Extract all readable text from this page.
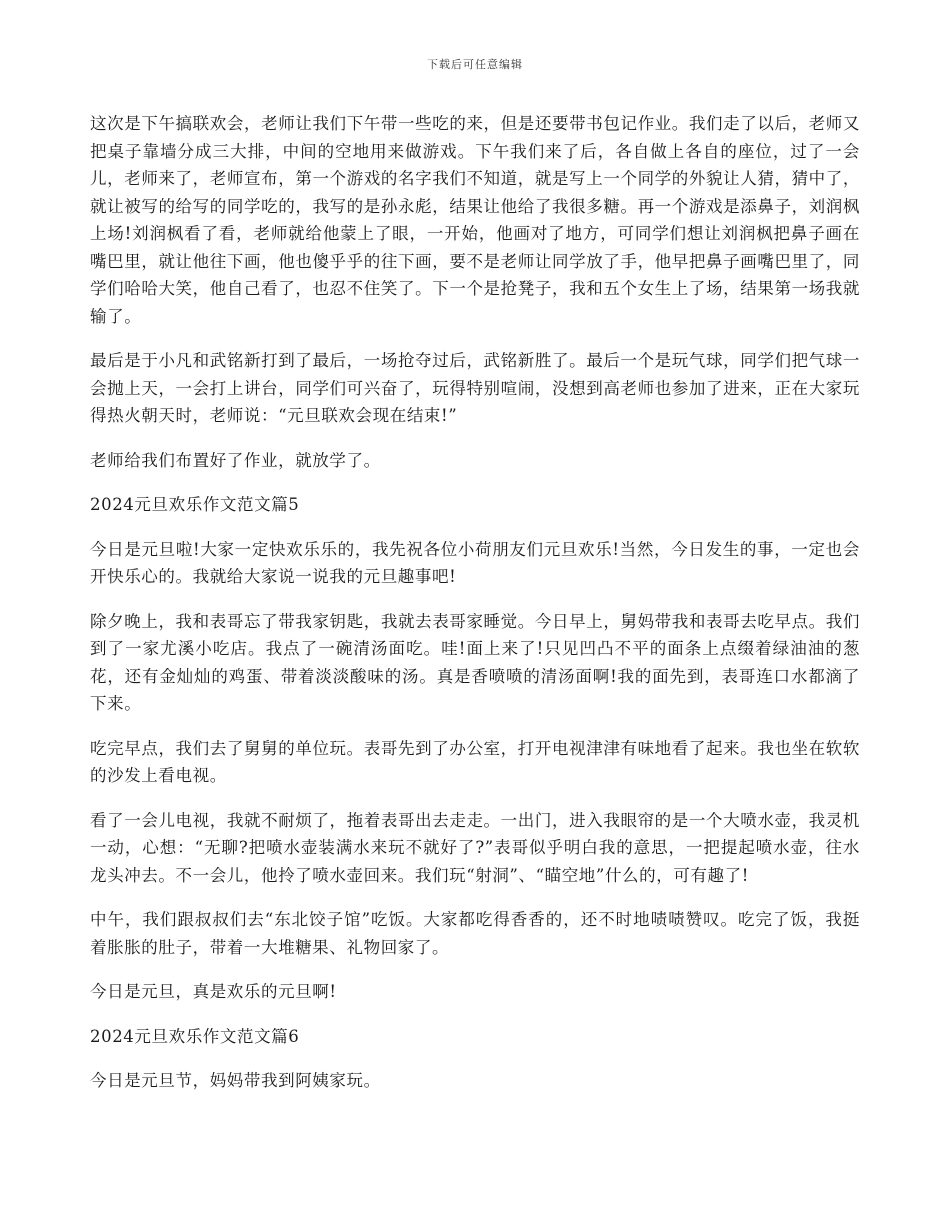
下载后可任意编辑

这次是下午搞联欢会，老师让我们下午带一些吃的来，但是还要带书包记作业。我们走了以后，老师又把桌子靠墙分成三大排，中间的空地用来做游戏。下午我们来了后，各自做上各自的座位，过了一会儿，老师来了，老师宣布，第一个游戏的名字我们不知道，就是写上一个同学的外貌让人猜，猜中了，就让被写的给写的同学吃的，我写的是孙永彪，结果让他给了我很多糖。再一个游戏是添鼻子，刘润枫上场!刘润枫看了看，老师就给他蒙上了眼，一开始，他画对了地方，可同学们想让刘润枫把鼻子画在嘴巴里，就让他往下画，他也傻乎乎的往下画，要不是老师让同学放了手，他早把鼻子画嘴巴里了，同学们哈哈大笑，他自己看了，也忍不住笑了。下一个是抢凳子，我和五个女生上了场，结果第一场我就输了。

最后是于小凡和武铭新打到了最后，一场抢夺过后，武铭新胜了。最后一个是玩气球，同学们把气球一会抛上天，一会打上讲台，同学们可兴奋了，玩得特别喧闹，没想到高老师也参加了进来，正在大家玩得热火朝天时，老师说：“元旦联欢会现在结束!”

老师给我们布置好了作业，就放学了。

2024元旦欢乐作文范文篇5

今日是元旦啦!大家一定快欢乐乐的，我先祝各位小荷朋友们元旦欢乐!当然，今日发生的事，一定也会开快乐心的。我就给大家说一说我的元旦趣事吧!

除夕晚上，我和表哥忘了带我家钥匙，我就去表哥家睡觉。今日早上，舅妈带我和表哥去吃早点。我们到了一家尤溪小吃店。我点了一碗清汤面吃。哇!面上来了!只见凹凸不平的面条上点缀着绿油油的葱花，还有金灿灿的鸡蛋、带着淡淡酸味的汤。真是香喷喷的清汤面啊!我的面先到，表哥连口水都滴了下来。

吃完早点，我们去了舅舅的单位玩。表哥先到了办公室，打开电视津津有味地看了起来。我也坐在软软的沙发上看电视。

看了一会儿电视，我就不耐烦了，拖着表哥出去走走。一出门，进入我眼帘的是一个大喷水壶，我灵机一动，心想：“无聊?把喷水壶装满水来玩不就好了?”表哥似乎明白我的意思，一把提起喷水壶，往水龙头冲去。不一会儿，他拎了喷水壶回来。我们玩“射洞”、“瞄空地”什么的，可有趣了!

中午，我们跟叔叔们去“东北饺子馆”吃饭。大家都吃得香香的，还不时地啧啧赞叹。吃完了饭，我挺着胀胀的肚子，带着一大堆糖果、礼物回家了。

今日是元旦，真是欢乐的元旦啊!

2024元旦欢乐作文范文篇6

今日是元旦节，妈妈带我到阿姨家玩。
